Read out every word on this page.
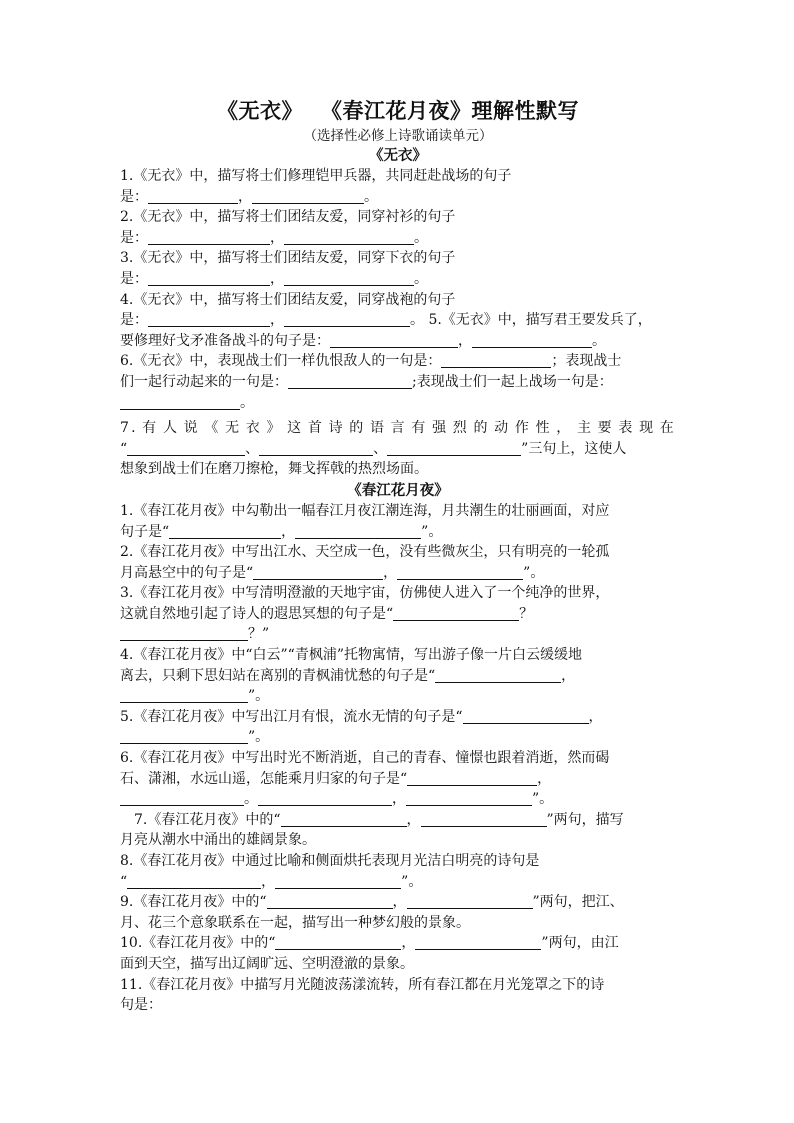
《无衣》 《春江花月夜》理解性默写

（选择性必修上诗歌诵读单元）

《无衣》

1.《无衣》中，描写将士们修理铠甲兵器，共同赶赴战场的句子
是：	，	。

2.《无衣》中，描写将士们团结友爱，同穿衬衫的句子
是：	，	。

3.《无衣》中，描写将士们团结友爱，同穿下衣的句子
是：	，	。

4.《无衣》中，描写将士们团结友爱，同穿战袍的句子
是：	，	。 5.《无衣》中，描写君王要发兵了，
要修理好戈矛准备战斗的句子是：	，	。

6.《无衣》中，表现战士们一样仇恨敌人的一句是：	；表现战士
们一起行动起来的一句是：	;表现战士们一起上战场一句是：
。

7.有人说《无衣》这首诗的语言有强烈的动作性，主要表现在

“	、	、	”三句上，这使人
想象到战士们在磨刀擦枪，舞戈挥戟的热烈场面。

《春江花月夜》

1.《春江花月夜》中勾勒出一幅春江月夜江潮连海，月共潮生的壮丽画面，对应
句子是“	，	”。

2.《春江花月夜》中写出江水、天空成一色，没有些微灰尘，只有明亮的一轮孤
月高悬空中的句子是“	，	”。

3.《春江花月夜》中写清明澄澈的天地宇宙，仿佛使人进入了一个纯净的世界，
这就自然地引起了诗人的遐思冥想的句子是“	？
？”

4.《春江花月夜》中“白云”“青枫浦”托物寓情，写出游子像一片白云缓缓地
离去，只剩下思妇站在离别的青枫浦忧愁的句子是“	，
”。

5.《春江花月夜》中写出江月有恨，流水无情的句子是“	，
”。

6.《春江花月夜》中写出时光不断消逝，自己的青春、憧憬也跟着消逝，然而碣
石、潇湘，水远山遥，怎能乘月归家的句子是“	，
。	，	”。

7.《春江花月夜》中的“	，	”两句，描写

月亮从潮水中涌出的雄阔景象。

8.《春江花月夜》中通过比喻和侧面烘托表现月光洁白明亮的诗句是
“	，	”。

9.《春江花月夜》中的“	，	”两句，把江、
月、花三个意象联系在一起，描写出一种梦幻般的景象。

10.《春江花月夜》中的“	，	”两句，由江
面到天空，描写出辽阔旷远、空明澄澈的景象。

11.《春江花月夜》中描写月光随波荡漾流转，所有春江都在月光笼罩之下的诗
句是：
